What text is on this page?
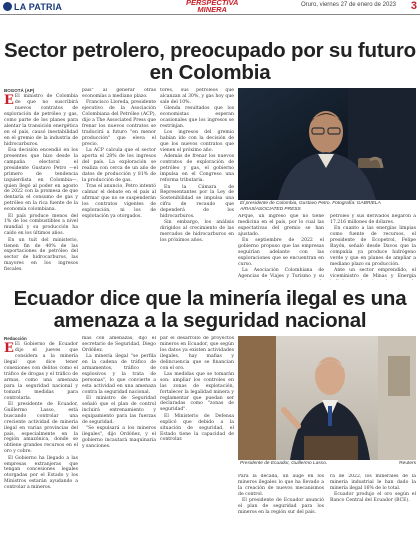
LA PATRIA	PERSPECTIVA
MINERA	Oruro, viernes 27 de enero de 2023 3
Sector petrolero, preocupado por su futuro en Colombia

BOGOTÁ (AP)

E El ministro de Colombia de que no suscribirá nuevos contratos de exploración de petróleo y gas, como parte de los planes para alentar la transición energética en el país, causó inestabilidad en el gremio de la industria de hidrocarburos.

Esa decisión encendió en los presentes que hizo desde la campaña electoral el presidente Gustavo Petro —el primero de tendencia izquierdista en Colombia—, quien llegó al poder en agosto de 2022 con la promesa de que dentaría el consumo de gas y petróleo en la rica fuente de la economía colombiana.

El país produce menos del 1% de los combustibles a nivel mundial y su producción ha caído en los últimos años.

En un tuit del ministerio, tienen fin de 40% de las exportaciones de petróleo del sector de hidrocarburos, las mayores en los ingresos fiscales.

país" al generar otras economías a mediano plazo.

Francisco Lloreda, presidente ejecutivo de la Asociación Colombiana del Petróleo (ACP), dijo a The Associated Press que frenar los nuevos contratos se traducirá a futuro "en menor producción" que eleva el precio.

La ACP calcula que el sector aporta el 28% de los ingresos del país. La exploración se realiza con cerca de un año de datos de producción y 81% de la producción de gas.

Tras el anuncio, Petro intentó calmar el debate en el país al afirmar que no se suspenderán los contratos vigentes de exploración, ni los de explotación ya otorgados.

tores, sus petróleos que alcanzan al 30%, y gas hoy que sale del 10%.

Glenda resultados que los economistas esperan ocasionales que los ingresos se restrinjan.

Los ingresos del gremio habían ido con la decisión de que los nuevos contratos que vienen el próximo año.

Además de frenar los nuevos contratos de exploración de petróleo y gas, el gobierno impulsa en el Congreso una reforma tributaria.

En la Cámara de Representantes por la Ley de Sostenibilidad se impulsa una cifra de recaudo que dependerá de los hidrocarburos.

Sin embargo, los análisis dirigidos al crecimiento de las mercados de hidrocarburos en los próximos años.

El presidente de Colombia, Gustavo Petro. Fotografía: GABRIELA ARIAS/ASOCIATED PRESS

APque, un ingreso que no tiene medicina en el país, por lo cual las expectativas del gremio se han ajustado.

En septiembre de 2022 el gobierno propuso que las empresas seguirían adelante con las exploraciones que se encuentran en curso.

La Asociación Colombiana de Agencias de Viajes y Turismo y su

petróleo y sus derivados llegaron a 17.216 millones de dólares.

En cuanto a las energías limpias como fuente de recursos, el presidente de Ecopetrol, Felipe Bayón, señaló desde Davos que la compañía ya produce hidrógeno verde y que en planes de ampliar a mediano plazo su producción.

Ante un sector emprendido, el viceministro de Minas y Energía

Ecuador dice que la minería ilegal es una amenaza a la seguridad nacional

Redacción

E El Gobierno de Ecuador dijo el jueves que considera a la minería ilegal que dice tener conexiones con delitos como el tráfico de drogas y el tráfico de armas, como una amenaza para la seguridad nacional y tomará medidas para controlarla.

El presidente de Ecuador, Guillermo Lasso, está buscando controlar una creciente actividad de minería ilegal en varias provincias del país, especialmente en la región amazónica, donde se obtiene grandes recursos en el oro y cobre.

El Gobierno ha llegado a las empresas extranjeras que tengan concesiones legales otorgadas por el Estado y los Ministros estarán ayudando a controlar a mineros.

mas con amenazas, dijo el secretario de Seguridad, Diego Ordóñez.

La minería ilegal "se perfila en la cadena de tráfico de armamentos, tráfico de explosivos y la trata de personas", lo que convierte a esta actividad en una amenaza contra la seguridad nacional.

El ministro de Seguridad señaló que el plan de control incluirá entrenamiento y equipamiento para las fuerzas de seguridad.

"Se expulsará a los mineros ilegales", dijo Ordóñez, y el gobierno incautará maquinaria y sanciones.

par el desarrollo de proyectos mineros en Ecuador, que según los datos ya existen actividades ilegales, hay mafias y delincuencia que se financian con el oro.

Las medidas que se tomarán son: ampliar los controles en las zonas de explotación, fortalecer la legalidad minera y reglamentar que puedan ser declaradas como "zonas de seguridad".

El Ministerio de Defensa explicó que debido a la situación de seguridad, el Estado tiene la capacidad de controlar.

Presidente de Ecuador, Guillermo Lasso.	Reuters

Para la década, un auge en los mineros ilegales lo que ha llevado a la creación de nuevos mecanismos de control.

El presidente de Ecuador anunció el plan de seguridad para los mineros en la región sur del país.

rá de 2022, los minerales de la minería industrial le han dado la minería ilegal 16% de lo total.

Ecuador produjo el oro según el Banco Central del Ecuador (BCE).
